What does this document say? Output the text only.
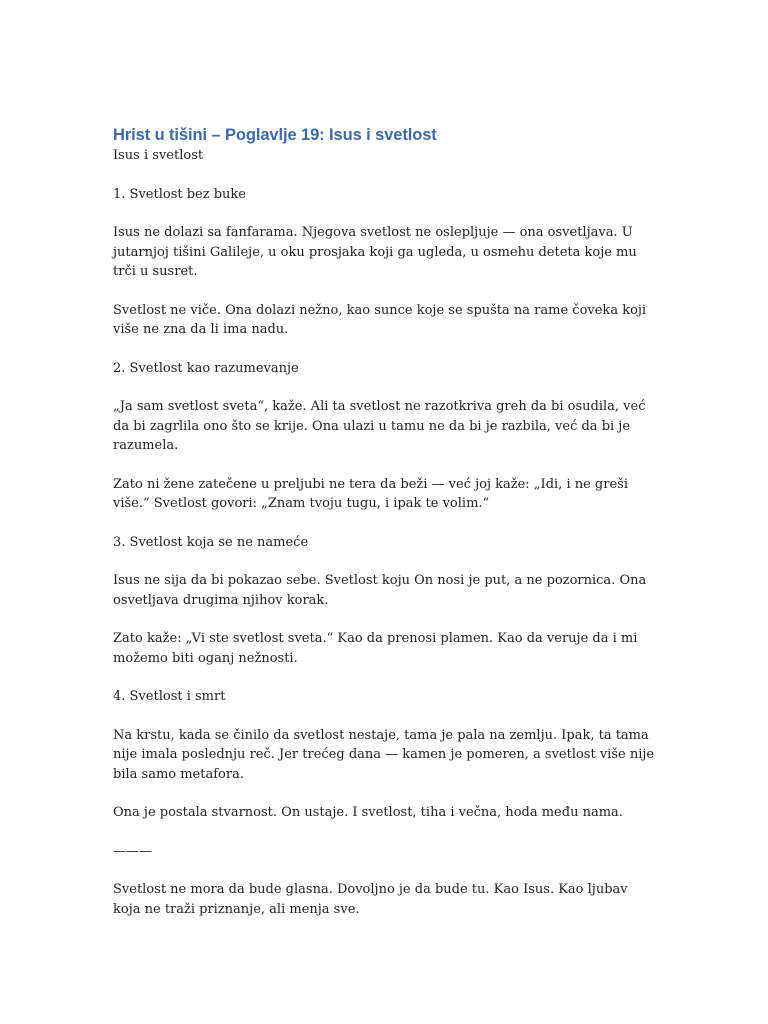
Hrist u tišini – Poglavlje 19: Isus i svetlost
Isus i svetlost
1. Svetlost bez buke
Isus ne dolazi sa fanfarama. Njegova svetlost ne oslepljuje — ona osvetljava. U jutarnjoj tišini Galileje, u oku prosjaka koji ga ugleda, u osmehu deteta koje mu trči u susret.
Svetlost ne viče. Ona dolazi nežno, kao sunce koje se spušta na rame čoveka koji više ne zna da li ima nadu.
2. Svetlost kao razumevanje
„Ja sam svetlost sveta“, kaže. Ali ta svetlost ne razotkriva greh da bi osudila, već da bi zagrlila ono što se krije. Ona ulazi u tamu ne da bi je razbila, već da bi je razumela.
Zato ni žene zatečene u preljubi ne tera da beži — već joj kaže: „Idi, i ne greši više.“ Svetlost govori: „Znam tvoju tugu, i ipak te volim.“
3. Svetlost koja se ne nameće
Isus ne sija da bi pokazao sebe. Svetlost koju On nosi je put, a ne pozornica. Ona osvetljava drugima njihov korak.
Zato kaže: „Vi ste svetlost sveta.“ Kao da prenosi plamen. Kao da veruje da i mi možemo biti oganj nežnosti.
4. Svetlost i smrt
Na krstu, kada se činilo da svetlost nestaje, tama je pala na zemlju. Ipak, ta tama nije imala poslednju reč. Jer trećeg dana — kamen je pomeren, a svetlost više nije bila samo metafora.
Ona je postala stvarnost. On ustaje. I svetlost, tiha i večna, hoda među nama.
———
Svetlost ne mora da bude glasna. Dovoljno je da bude tu. Kao Isus. Kao ljubav koja ne traži priznanje, ali menja sve.
